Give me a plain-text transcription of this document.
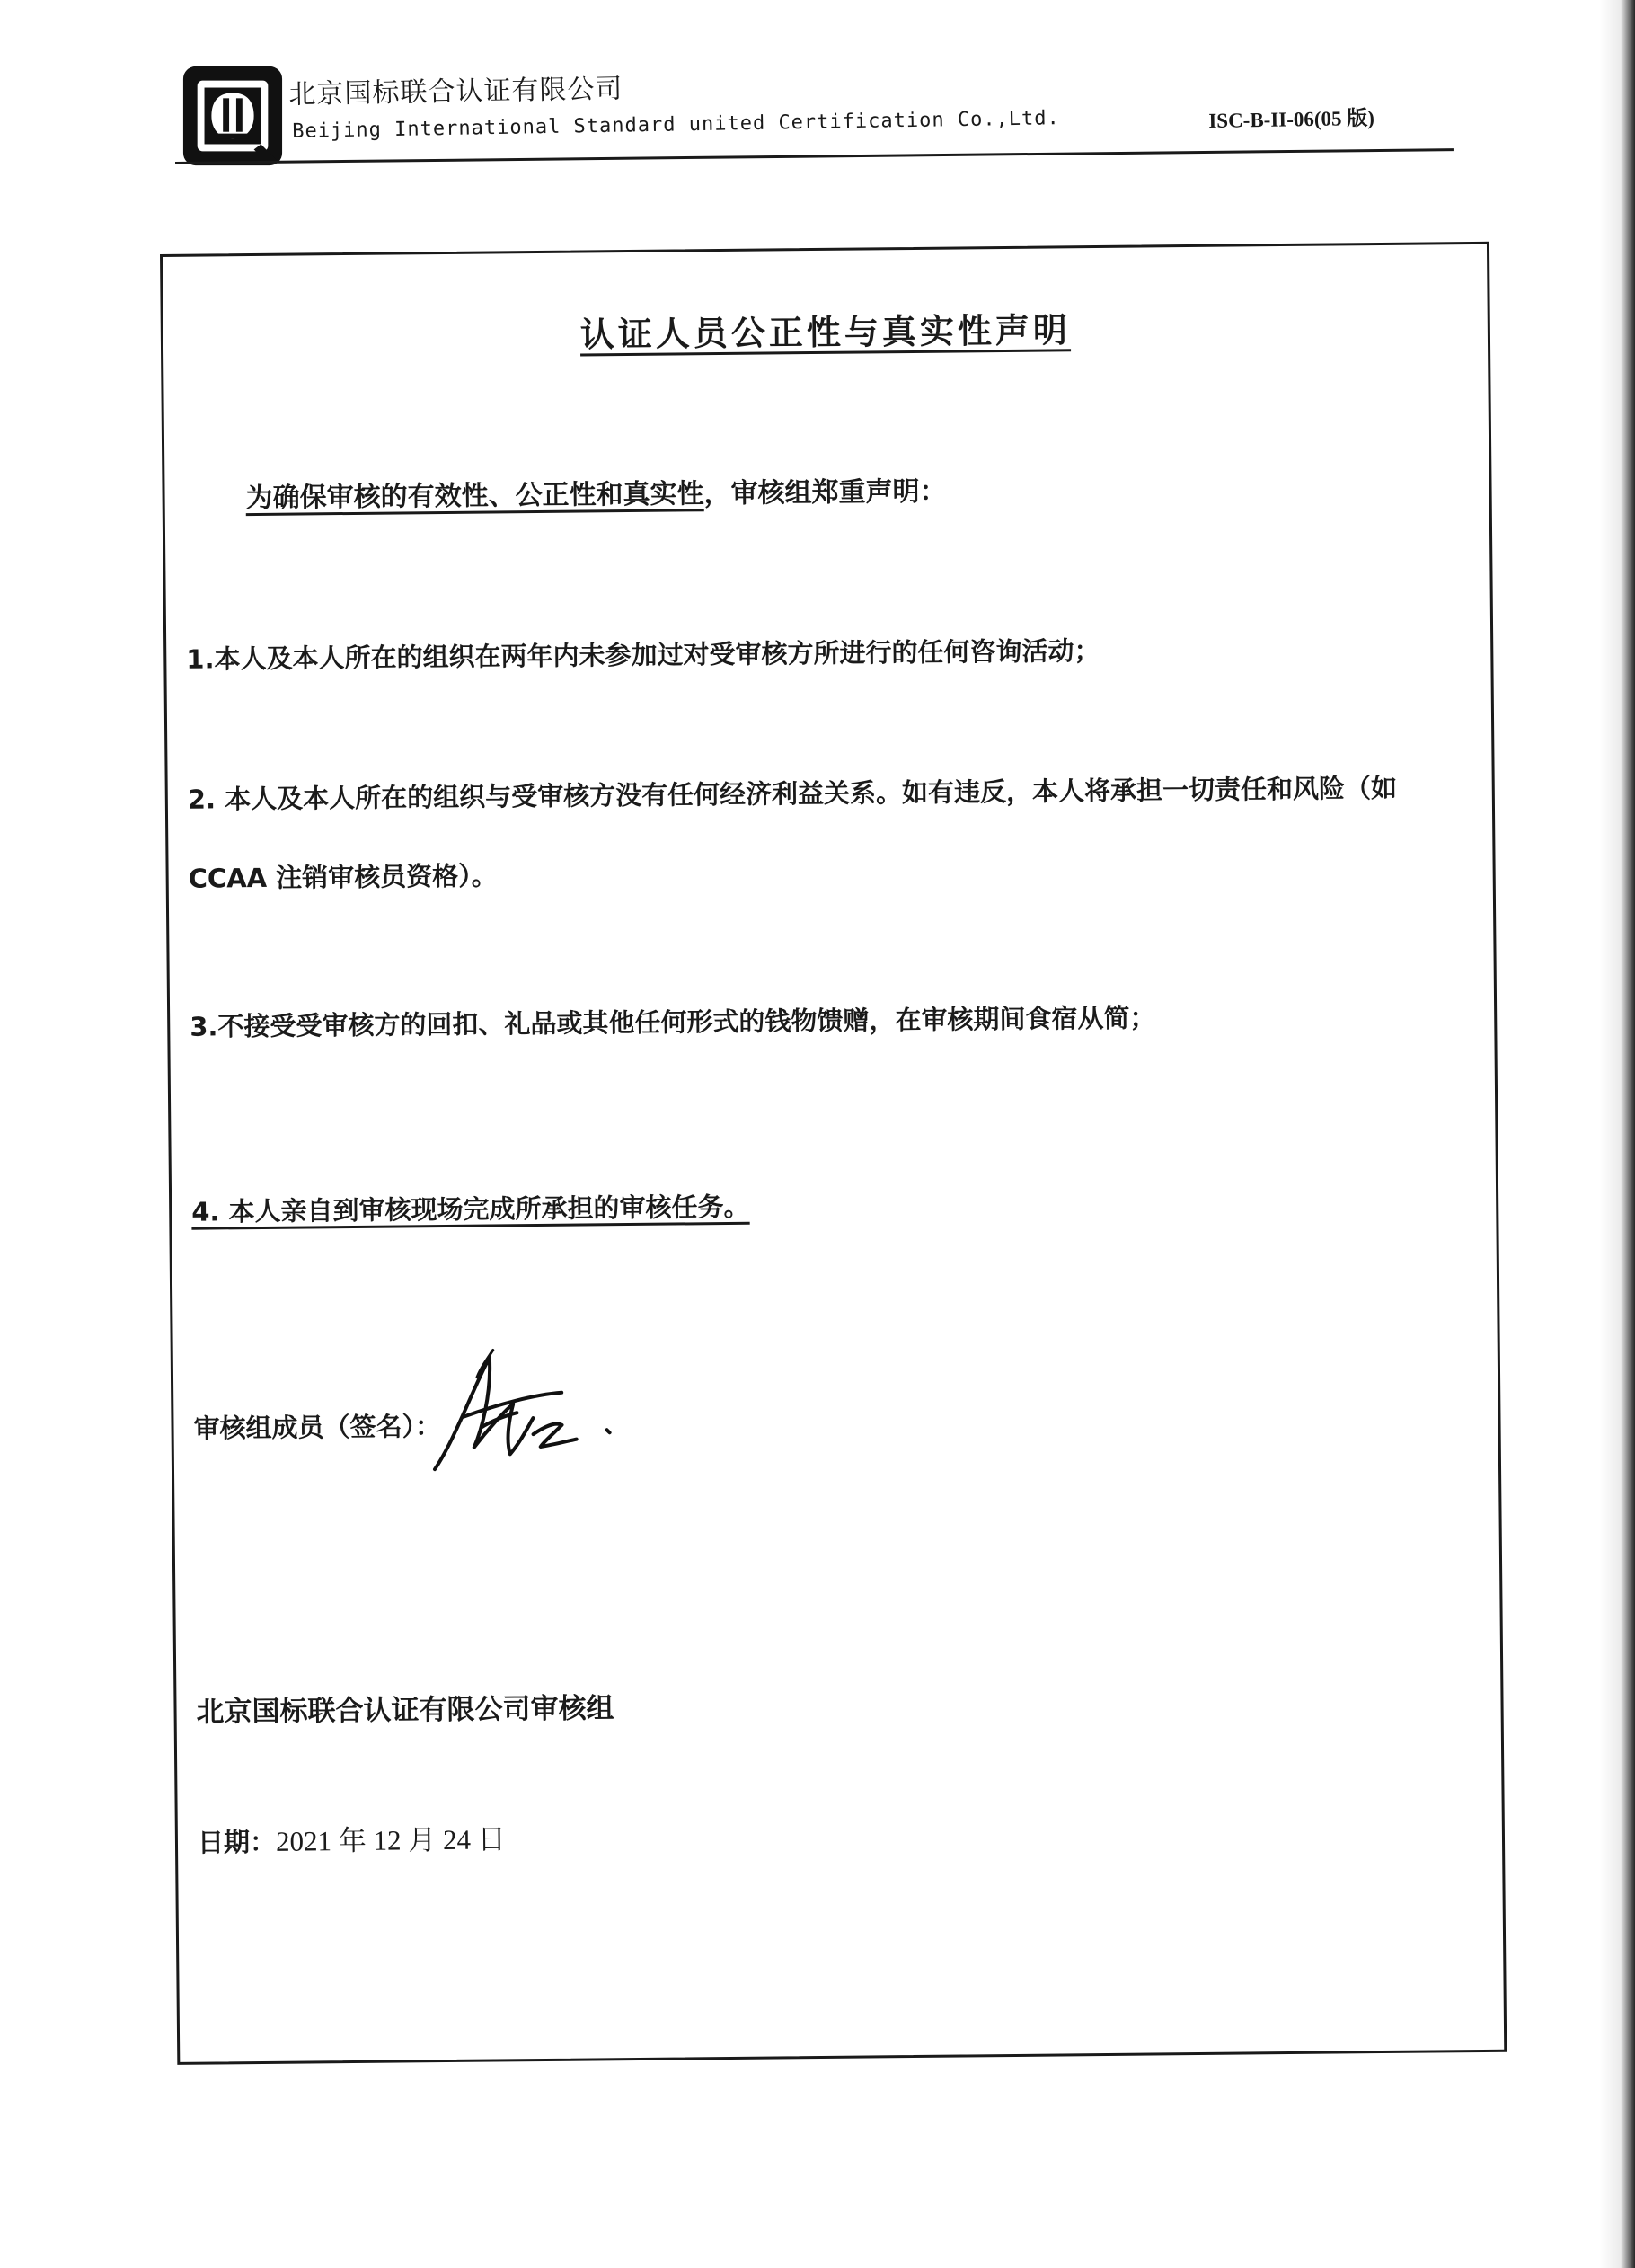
北京国标联合认证有限公司
Beijing International Standard united Certification Co.,Ltd.	ISC-B-II-06(05 版)
认证人员公正性与真实性声明
为确保审核的有效性、公正性和真实性，审核组郑重声明：
1.本人及本人所在的组织在两年内未参加过对受审核方所进行的任何咨询活动；
2. 本人及本人所在的组织与受审核方没有任何经济利益关系。如有违反，本人将承担一切责任和风险（如 CCAA 注销审核员资格）。
3.不接受受审核方的回扣、礼品或其他任何形式的钱物馈赠，在审核期间食宿从简；
4. 本人亲自到审核现场完成所承担的审核任务。
审核组成员（签名）：
北京国标联合认证有限公司审核组
日期：2021 年 12 月 24 日
